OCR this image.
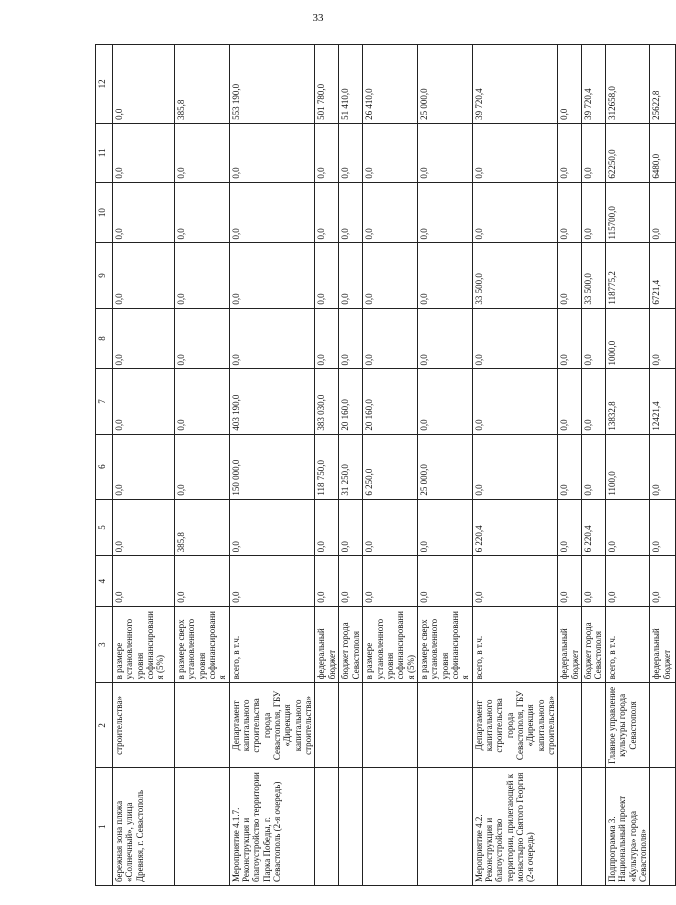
33
1	2	3	4	5	6	7	8	9	10	11	12
бережная зона пляжа «Солнечный», улица Древняя, г. Севастополь	строительства»	в размере установленного уровня софинансирования (5%)	0,0	0,0	0,0	0,0	0,0	0,0	0,0	0,0	0,0
		в размере сверх установленного уровня софинансирования	0,0	385,8	0,0	0,0	0,0	0,0	0,0	0,0	385,8
Мероприятие 4.1.7. Реконструкция и благоустройство территории Парка Победы, г. Севастополь (2-я очередь)	Департамент капитального строительства города Севастополя, ГБУ «Дирекция капитального строительства»	всего, в т.ч.	0,0	0,0	150 000,0	403 190,0	0,0	0,0	0,0	0,0	553 190,0
		федеральный бюджет	0,0	0,0	118 750,0	383 030,0	0,0	0,0	0,0	0,0	501 780,0
		бюджет города Севастополя	0,0	0,0	31 250,0	20 160,0	0,0	0,0	0,0	0,0	51 410,0
		в размере установленного уровня софинансирования (5%)	0,0	0,0	6 250,0	20 160,0	0,0	0,0	0,0	0,0	26 410,0
		в размере сверх установленного уровня софинансирования	0,0	0,0	25 000,0	0,0	0,0	0,0	0,0	0,0	25 000,0
Мероприятие 4.2. Реконструкция и благоустройство территории, прилегающей к монастырю Святого Георгия (2-я очередь)	Департамент капитального строительства города Севастополя, ГБУ «Дирекция капитального строительства»	всего, в т.ч.	0,0	6 220,4	0,0	0,0	0,0	33 500,0	0,0	0,0	39 720,4
		федеральный бюджет	0,0	0,0	0,0	0,0	0,0	0,0	0,0	0,0	0,0
		бюджет города Севастополя	0,0	6 220,4	0,0	0,0	0,0	33 500,0	0,0	0,0	39 720,4
Подпрограмма 3. Национальный проект «Культура» города Севастополя»	Главное управление культуры города Севастополя	всего, в т.ч.	0,0	0,0	1100,0	13832,8	1000,0	118775,2	115700,0	62250,0	312658,0
		федеральный бюджет	0,0	0,0	0,0	12421,4	0,0	6721,4	0,0	6480,0	25622,8
